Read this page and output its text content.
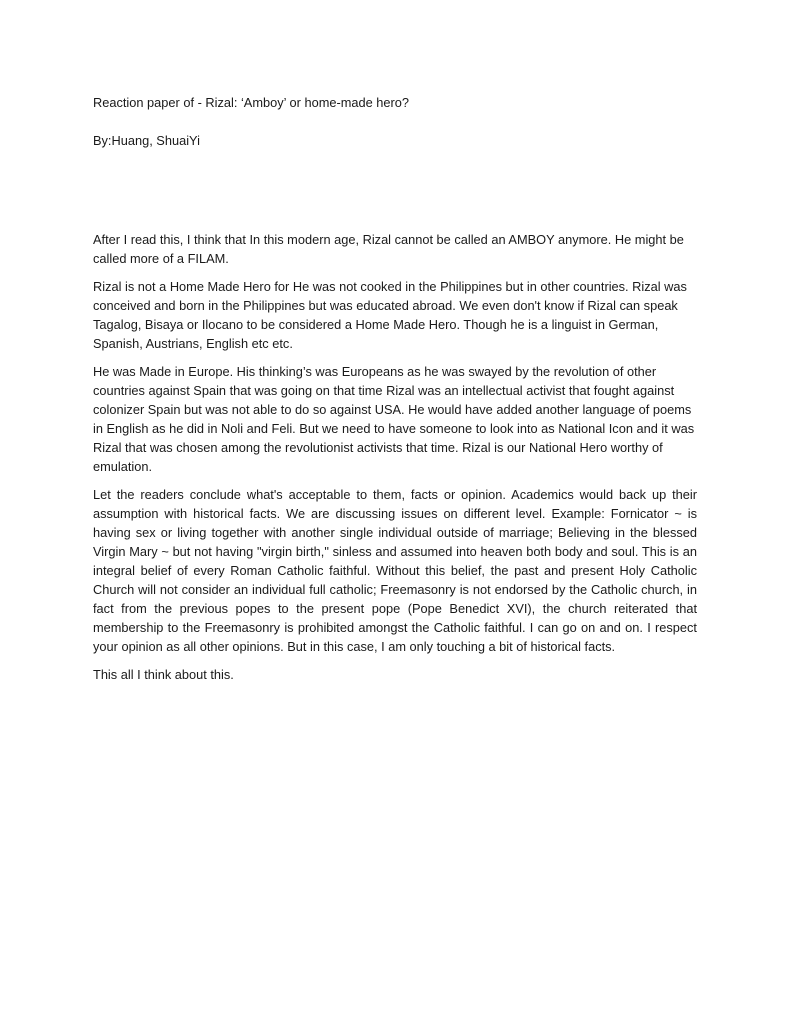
Reaction paper of - Rizal: ‘Amboy’ or home-made hero?
By:Huang, ShuaiYi

After I read this, I think that In this modern age, Rizal cannot be called an AMBOY anymore. He might be called more of a FILAM.

Rizal is not a Home Made Hero for He was not cooked in the Philippines but in other countries. Rizal was conceived and born in the Philippines but was educated abroad. We even don't know if Rizal can speak Tagalog, Bisaya or Ilocano to be considered a Home Made Hero. Though he is a linguist in German, Spanish, Austrians, English etc etc.

He was Made in Europe. His thinking’s was Europeans as he was swayed by the revolution of other countries against Spain that was going on that time Rizal was an intellectual activist that fought against colonizer Spain but was not able to do so against USA. He would have added another language of poems in English as he did in Noli and Feli. But we need to have someone to look into as National Icon and it was Rizal that was chosen among the revolutionist activists that time. Rizal is our National Hero worthy of emulation.

Let the readers conclude what's acceptable to them, facts or opinion. Academics would back up their assumption with historical facts. We are discussing issues on different level. Example: Fornicator ~ is having sex or living together with another single individual outside of marriage; Believing in the blessed Virgin Mary ~ but not having "virgin birth," sinless and assumed into heaven both body and soul. This is an integral belief of every Roman Catholic faithful. Without this belief, the past and present Holy Catholic Church will not consider an individual full catholic; Freemasonry is not endorsed by the Catholic church, in fact from the previous popes to the present pope (Pope Benedict XVI), the church reiterated that membership to the Freemasonry is prohibited amongst the Catholic faithful. I can go on and on. I respect your opinion as all other opinions. But in this case, I am only touching a bit of historical facts.

This all I think about this.
